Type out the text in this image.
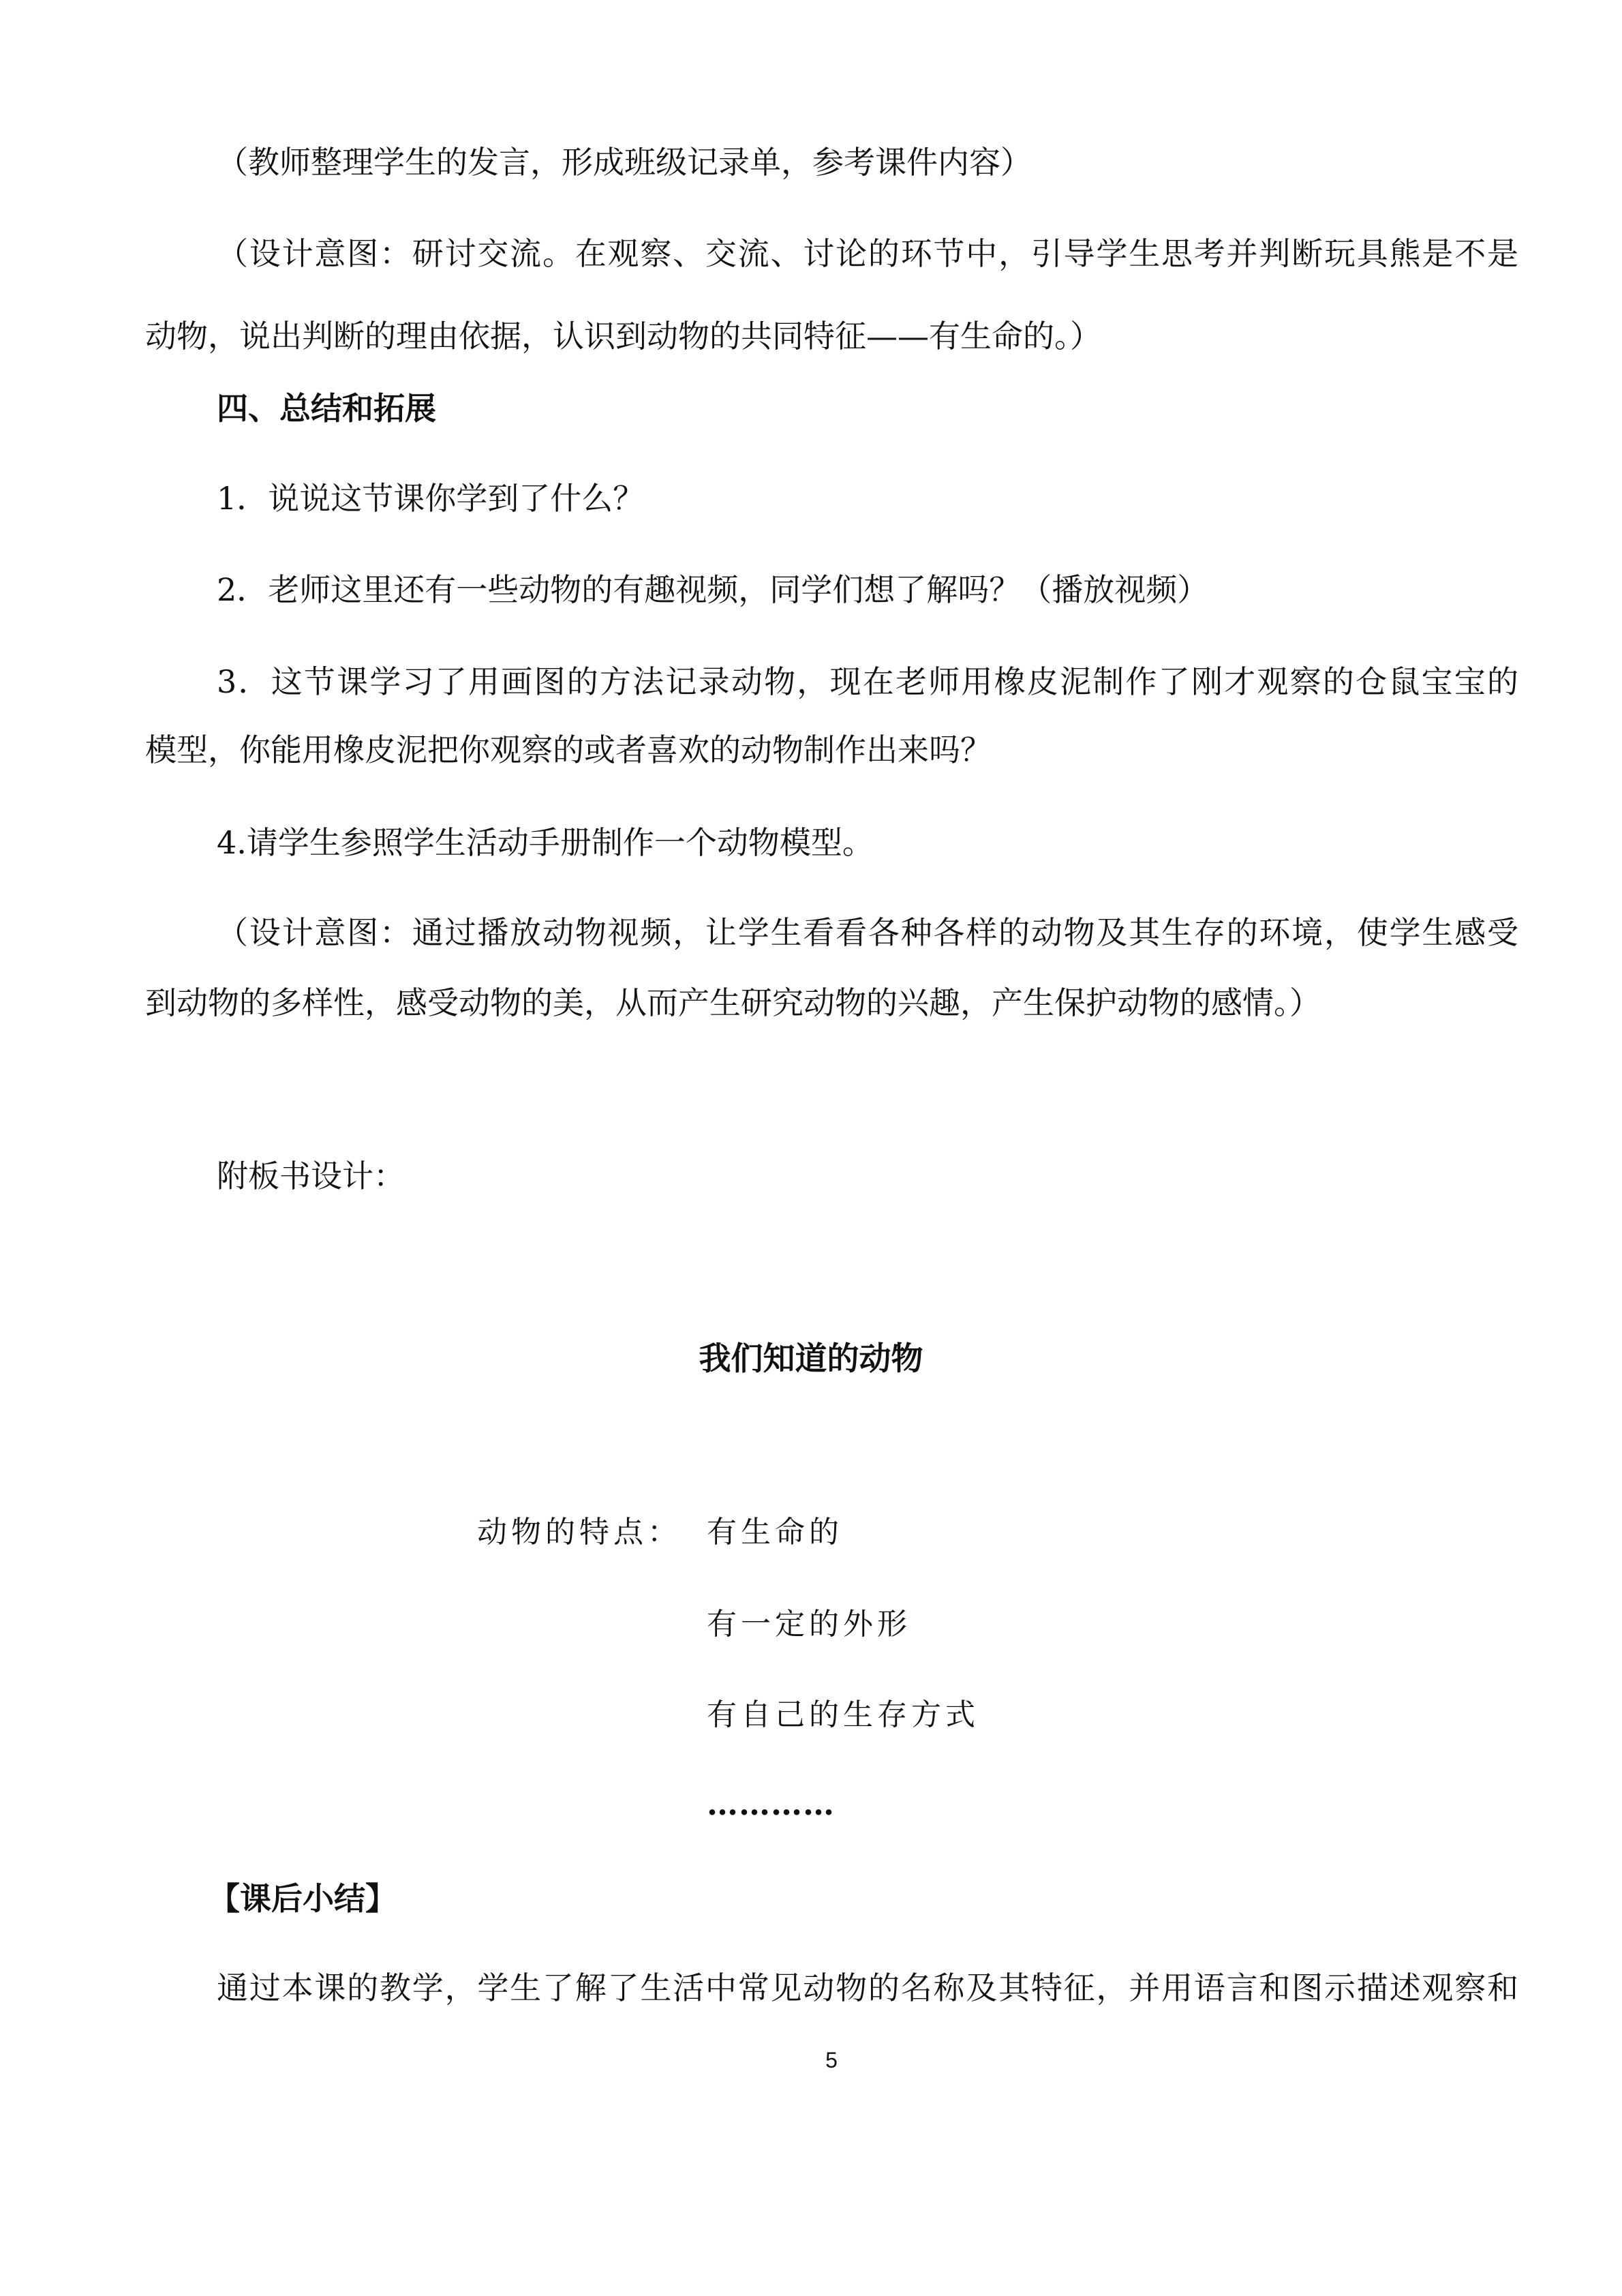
（教师整理学生的发言，形成班级记录单，参考课件内容）
（设计意图：研讨交流。在观察、交流、讨论的环节中，引导学生思考并判断玩具熊是不是
动物，说出判断的理由依据，认识到动物的共同特征——有生命的。）
四、总结和拓展
1．说说这节课你学到了什么？
2．老师这里还有一些动物的有趣视频，同学们想了解吗？（播放视频）
3．这节课学习了用画图的方法记录动物，现在老师用橡皮泥制作了刚才观察的仓鼠宝宝的
模型，你能用橡皮泥把你观察的或者喜欢的动物制作出来吗？
4.请学生参照学生活动手册制作一个动物模型。
（设计意图：通过播放动物视频，让学生看看各种各样的动物及其生存的环境，使学生感受
到动物的多样性，感受动物的美，从而产生研究动物的兴趣，产生保护动物的感情。）
附板书设计：
我们知道的动物
动物的特点： 有生命的
有一定的外形
有自己的生存方式
…………
【课后小结】
通过本课的教学，学生了解了生活中常见动物的名称及其特征，并用语言和图示描述观察和
5
